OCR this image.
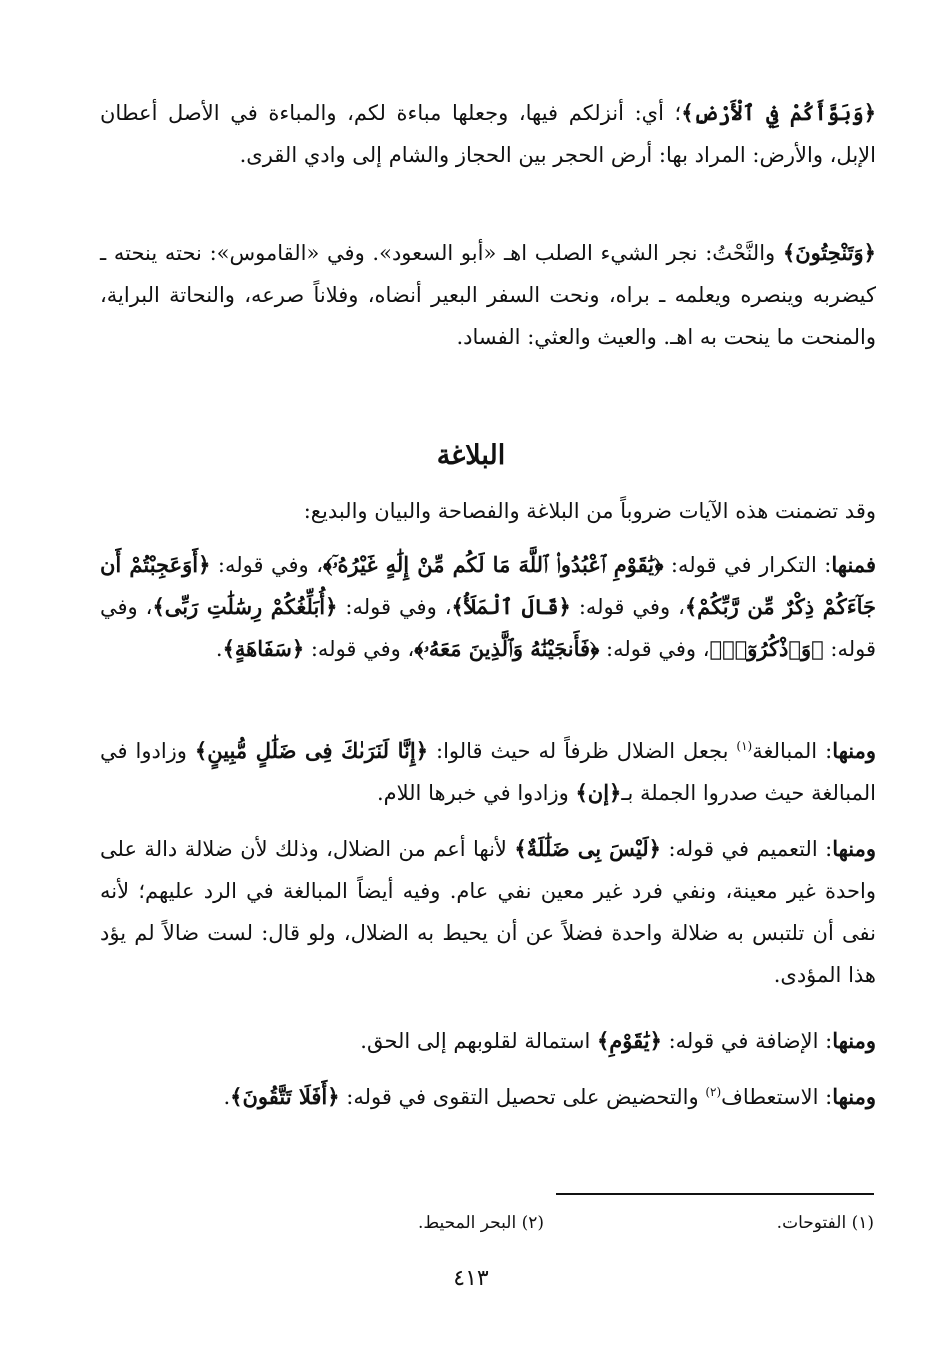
﴿وَبَوَّأَكُمْ فِي ٱلْأَرْضِ﴾؛ أي: أنزلكم فيها، وجعلها مباءة لكم، والمباءة في الأصل أعطان الإبل، والأرض: المراد بها: أرض الحجر بين الحجاز والشام إلى وادي القرى.

﴿وَتَنْحِتُونَ﴾ والنَّحْتُ: نجر الشيء الصلب اهـ «أبو السعود». وفي «القاموس»: نحته ينحته ـ كيضربه وينصره ويعلمه ـ براه، ونحت السفر البعير أنضاه، وفلاناً صرعه، والنحاتة البراية، والمنحت ما ينحت به اهـ. والعيث والعثي: الفساد.

البلاغة

وقد تضمنت هذه الآيات ضروباً من البلاغة والفصاحة والبيان والبديع:

فمنها: التكرار في قوله: ﴿يَٰقَوْمِ ٱعْبُدُوا۟ ٱللَّهَ مَا لَكُم مِّنْ إِلَٰهٍ غَيْرُهُۥٓ﴾، وفي قوله: ﴿أَوَعَجِبْتُمْ أَن جَآءَكُمْ ذِكْرٌ مِّن رَّبِّكُمْ﴾، وفي قوله: ﴿قَالَ ٱلْمَلَأُ﴾، وفي قوله: ﴿أُبَلِّغُكُمْ رِسَٰلَٰتِ رَبِّى﴾، وفي قوله: ﴿وَٱذْكُرُوٓا۟﴾، وفي قوله: ﴿فَأَنجَيْنَٰهُ وَٱلَّذِينَ مَعَهُۥ﴾، وفي قوله: ﴿سَفَاهَةٍ﴾.

ومنها: المبالغة$^{(١)}$ بجعل الضلال ظرفاً له حيث قالوا: ﴿إِنَّا لَنَرَىٰكَ فِى ضَلَٰلٍ مُّبِينٍ﴾ وزادوا في المبالغة حيث صدروا الجملة بـ﴿إن﴾ وزادوا في خبرها اللام.

ومنها: التعميم في قوله: ﴿لَيْسَ بِى ضَلَٰلَةٌ﴾ لأنها أعم من الضلال، وذلك لأن ضلالة دالة على واحدة غير معينة، ونفي فرد غير معين نفي عام. وفيه أيضاً المبالغة في الرد عليهم؛ لأنه نفى أن تلتبس به ضلالة واحدة فضلاً عن أن يحيط به الضلال، ولو قال: لست ضالاً لم يؤد هذا المؤدى.

ومنها: الإضافة في قوله: ﴿يَٰقَوْمِ﴾ استمالة لقلوبهم إلى الحق.

ومنها: الاستعطاف$^{(٢)}$ والتحضيض على تحصيل التقوى في قوله: ﴿أَفَلَا تَتَّقُونَ﴾.

(١) الفتوحات.
(٢) البحر المحيط.
٤١٣
